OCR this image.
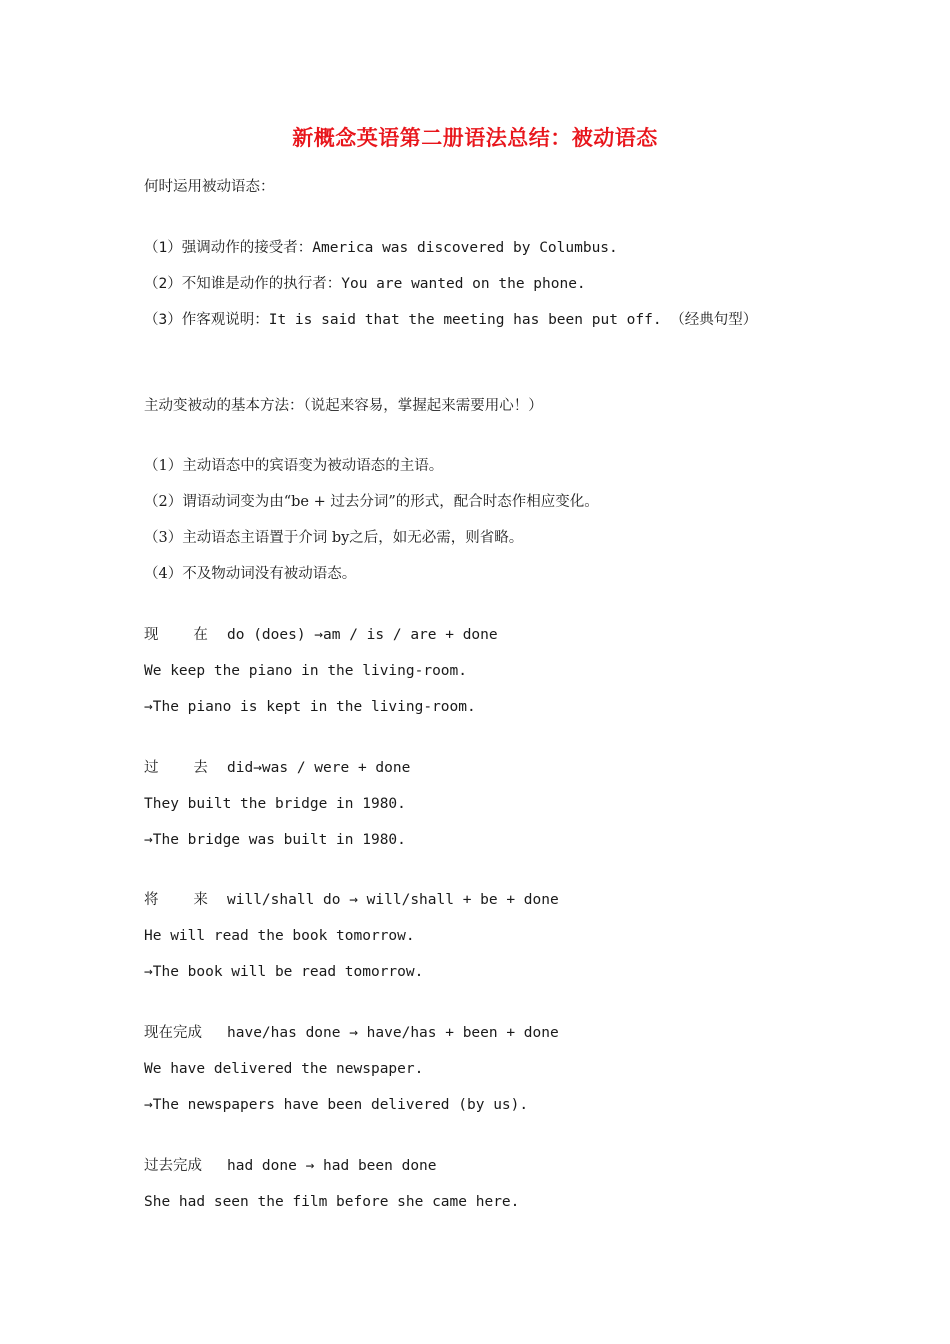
新概念英语第二册语法总结：被动语态
何时运用被动语态：
（1）强调动作的接受者：America was discovered by Columbus.
（2）不知谁是动作的执行者：You are wanted on the phone.
（3）作客观说明：It is said that the meeting has been put off. （经典句型）
主动变被动的基本方法：（说起来容易，掌握起来需要用心！）
（1）主动语态中的宾语变为被动语态的主语。
（2）谓语动词变为由“be + 过去分词”的形式，配合时态作相应变化。
（3）主动语态主语置于介词 by之后，如无必需，则省略。
（4）不及物动词没有被动语态。
现    在 do (does) →am / is / are + done
We keep the piano in the living-room.
→The piano is kept in the living-room.
过    去 did→was / were + done
They built the bridge in 1980.
→The bridge was built in 1980.
将    来 will/shall do → will/shall + be + done
He will read the book tomorrow.
→The book will be read tomorrow.
现在完成 have/has done → have/has + been + done
We have delivered the newspaper.
→The newspapers have been delivered (by us).
过去完成 had done → had been done
She had seen the film before she came here.
